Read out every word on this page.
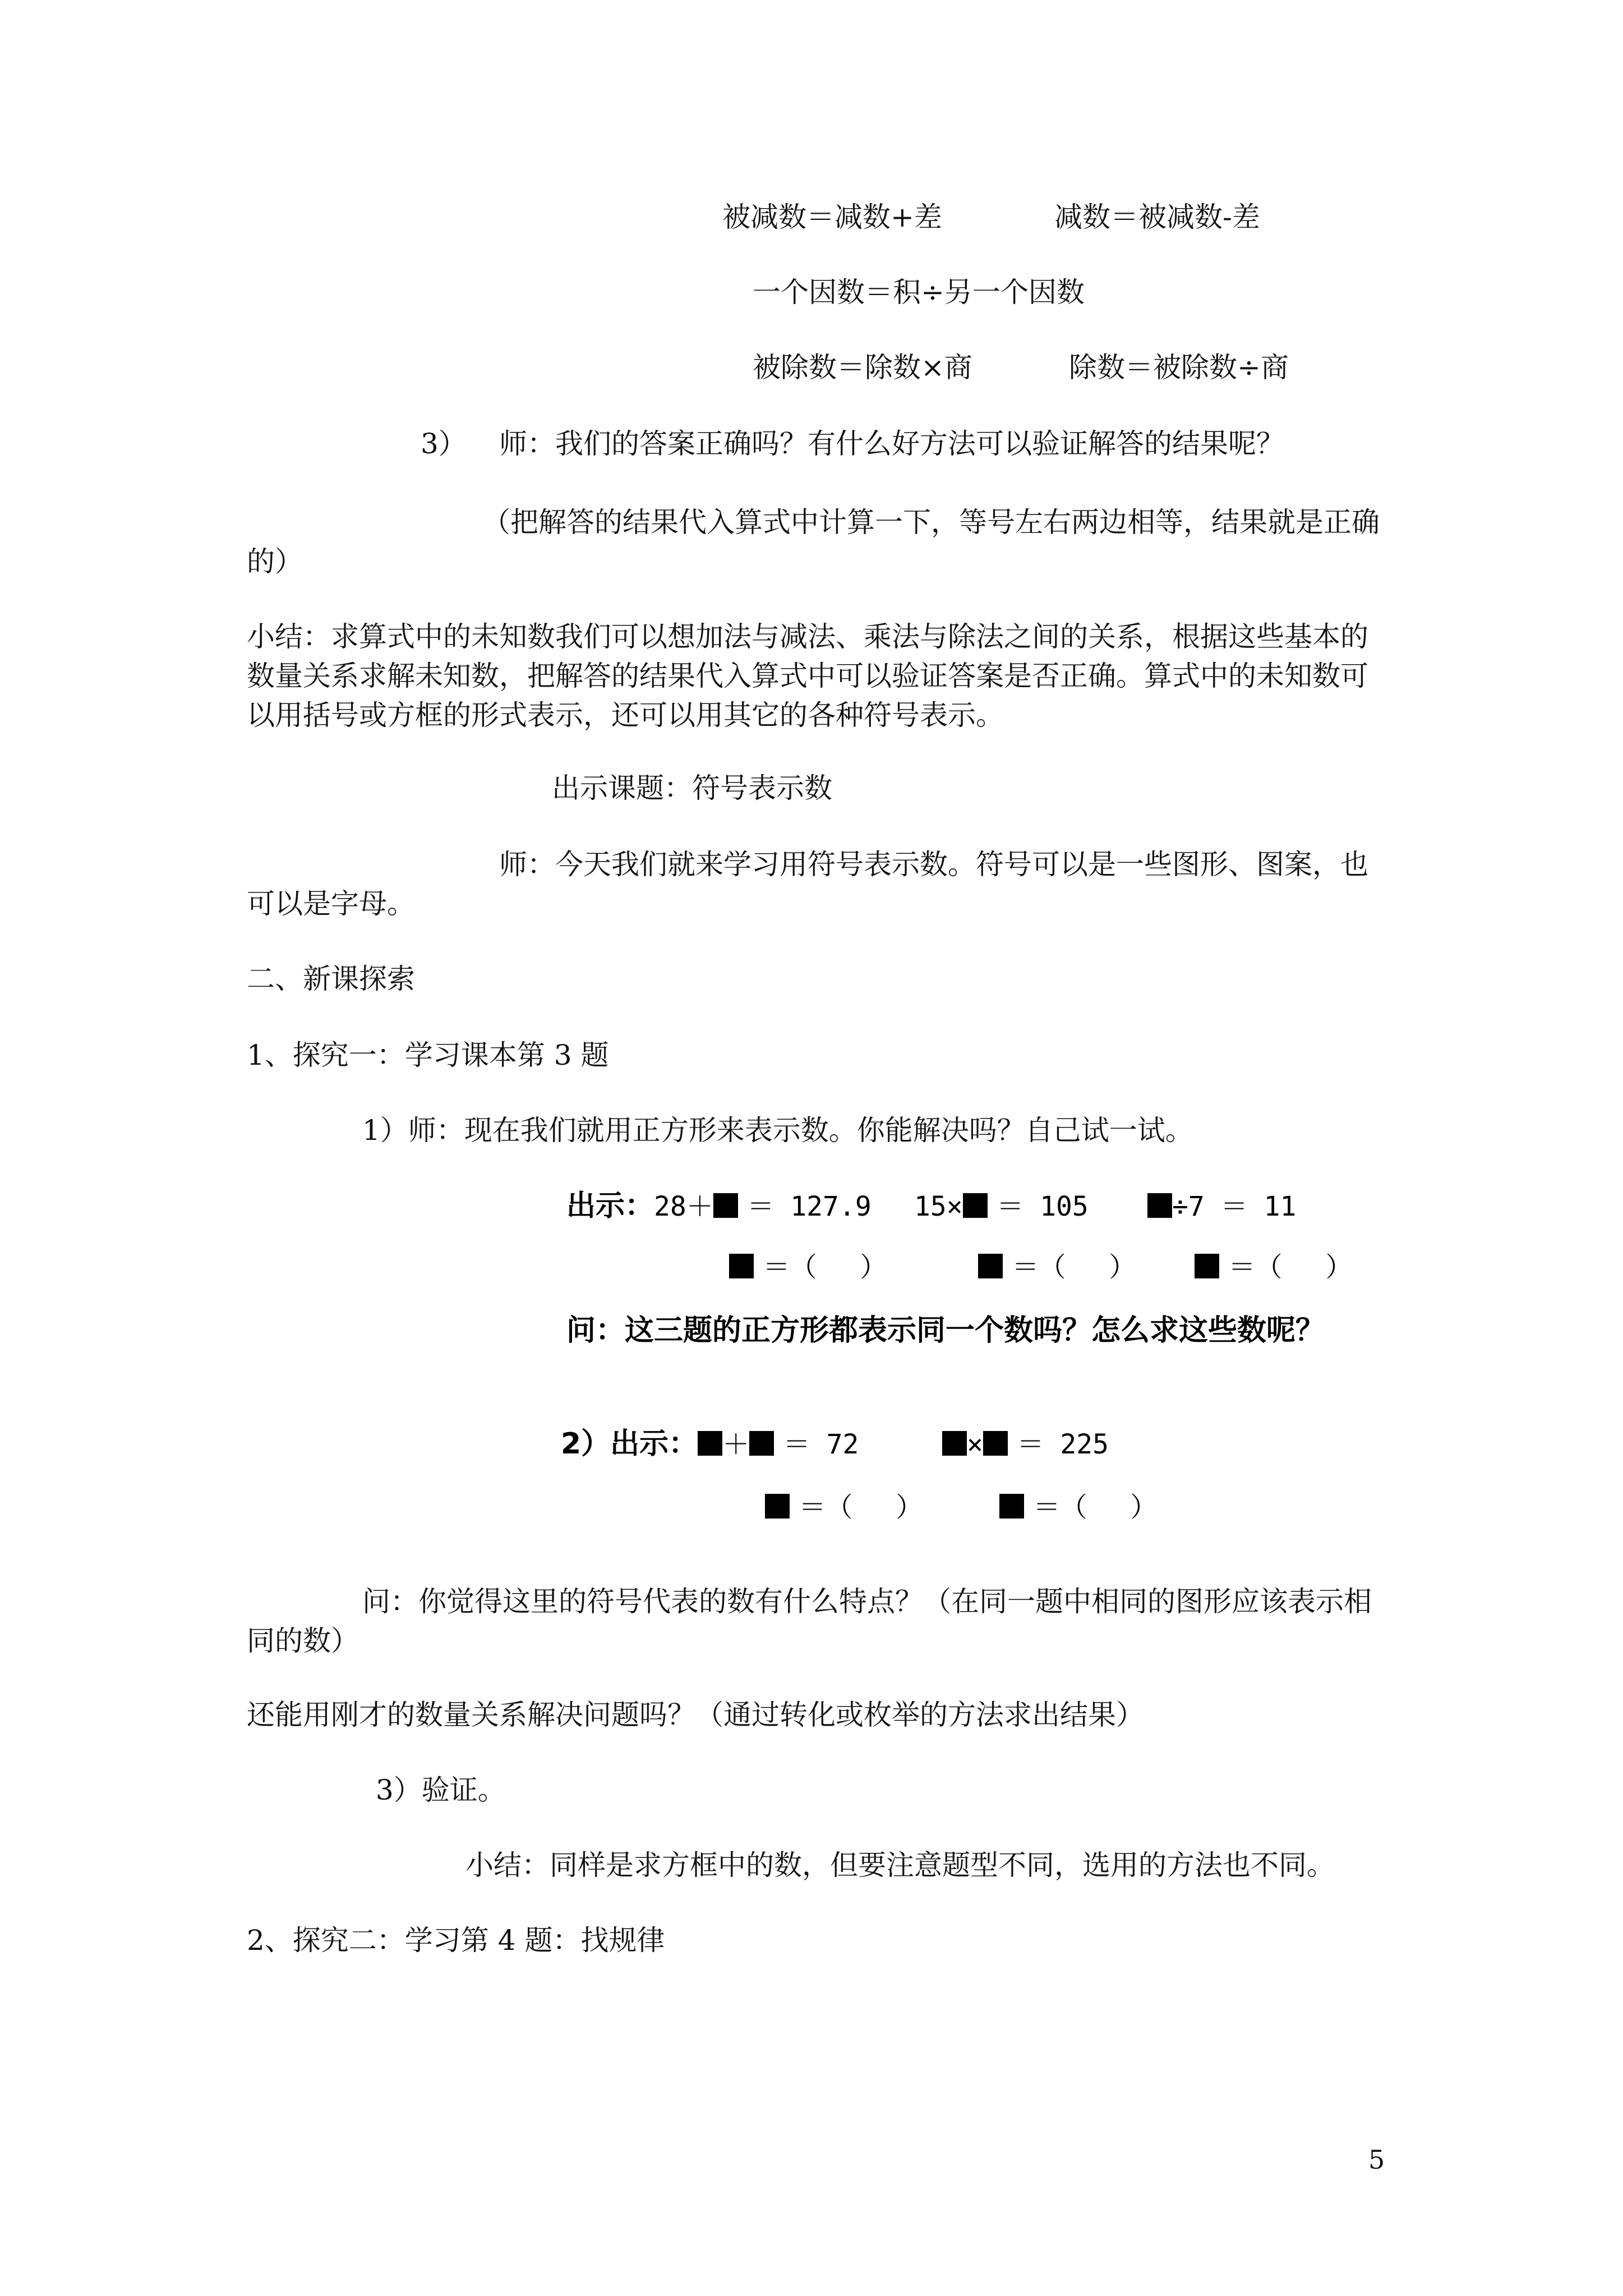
被减数＝减数+差	减数＝被减数-差

一个因数＝积÷另一个因数

被除数＝除数×商	除数＝被除数÷商

3） 师：我们的答案正确吗？有什么好方法可以验证解答的结果呢？

（把解答的结果代入算式中计算一下，等号左右两边相等，结果就是正确

的）

小结：求算式中的未知数我们可以想加法与减法、乘法与除法之间的关系，根据这些基本的

数量关系求解未知数，把解答的结果代入算式中可以验证答案是否正确。算式中的未知数可

以用括号或方框的形式表示，还可以用其它的各种符号表示。

出示课题：符号表示数

师：今天我们就来学习用符号表示数。符号可以是一些图形、图案，也

可以是字母。

二、新课探索

1、探究一：学习课本第 3 题

1）师：现在我们就用正方形来表示数。你能解决吗？自己试一试。

出示：28＋ ＝ 127.9 15× ＝ 105	÷7 ＝ 11
＝（　 ）	＝（　 ）	＝（　 ）
问：这三题的正方形都表示同一个数吗？怎么求这些数呢？
2）出示： ＋ ＝ 72	× ＝ 225
＝（　 ）	＝（　 ）

问：你觉得这里的符号代表的数有什么特点？（在同一题中相同的图形应该表示相

同的数）

还能用刚才的数量关系解决问题吗？（通过转化或枚举的方法求出结果）

3）验证。

小结：同样是求方框中的数，但要注意题型不同，选用的方法也不同。

2、探究二：学习第 4 题：找规律

5
